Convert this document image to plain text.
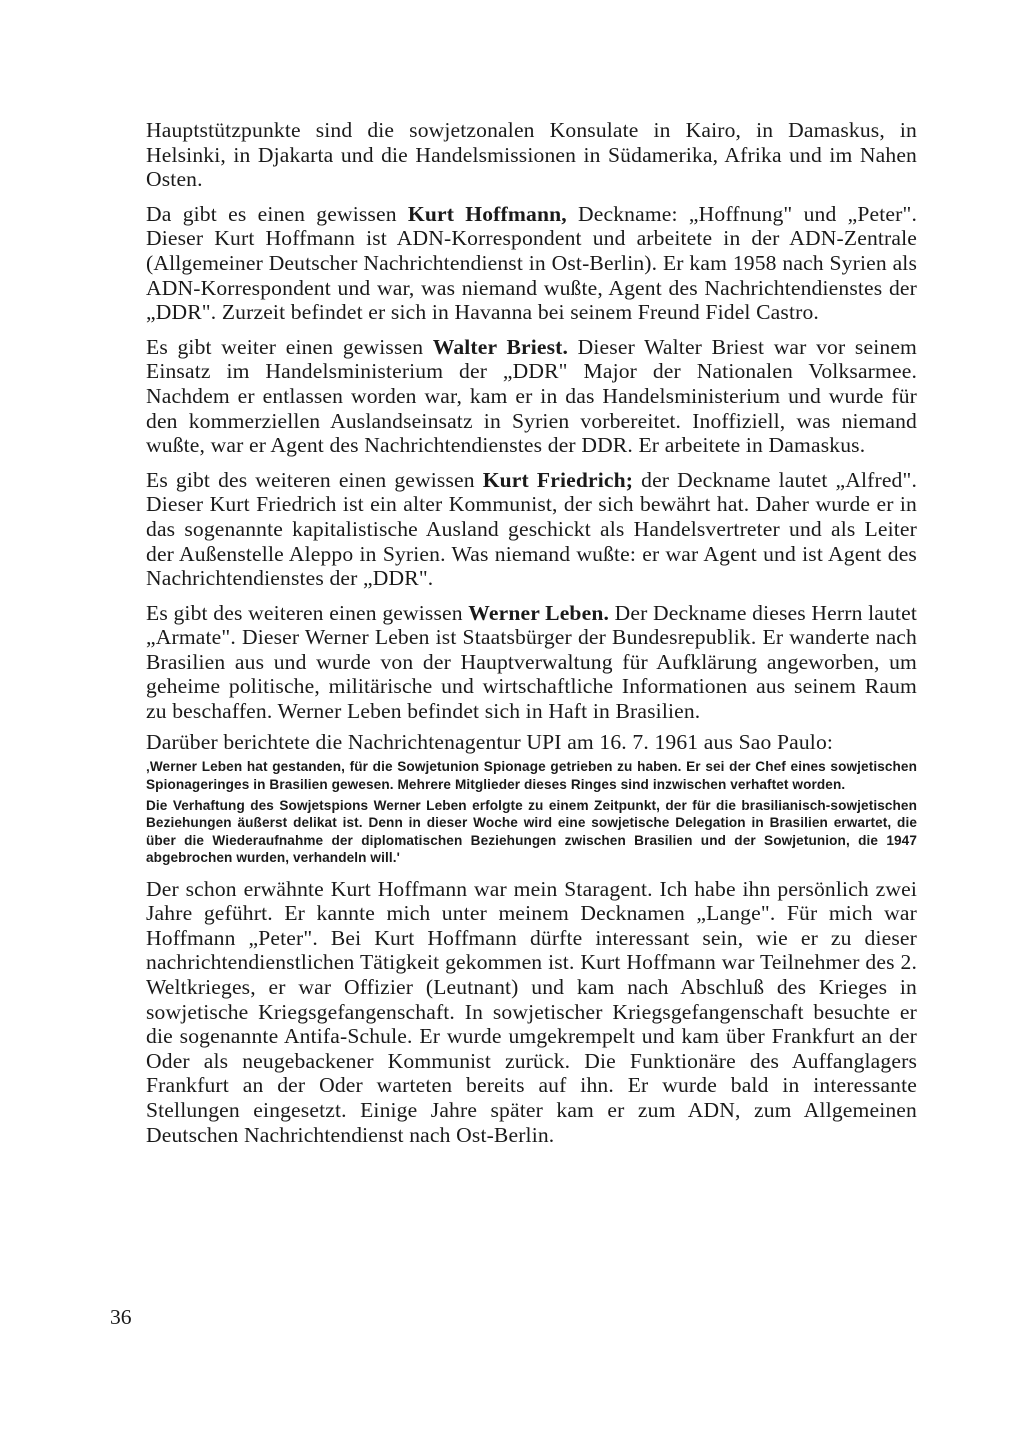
Hauptstützpunkte sind die sowjetzonalen Konsulate in Kairo, in Damaskus, in Helsinki, in Djakarta und die Handelsmissionen in Südamerika, Afrika und im Nahen Osten.

Da gibt es einen gewissen Kurt Hoffmann, Deckname: „Hoffnung" und „Peter". Dieser Kurt Hoffmann ist ADN-Korrespondent und arbeitete in der ADN-Zentrale (Allgemeiner Deutscher Nachrichtendienst in Ost-Berlin). Er kam 1958 nach Syrien als ADN-Korrespondent und war, was niemand wußte, Agent des Nachrichtendienstes der „DDR". Zurzeit befindet er sich in Havanna bei seinem Freund Fidel Castro.

Es gibt weiter einen gewissen Walter Briest. Dieser Walter Briest war vor seinem Einsatz im Handelsministerium der „DDR" Major der Nationalen Volksarmee. Nachdem er entlassen worden war, kam er in das Handelsministerium und wurde für den kommerziellen Auslandseinsatz in Syrien vorbereitet. Inoffiziell, was niemand wußte, war er Agent des Nachrichtendienstes der DDR. Er arbeitete in Damaskus.

Es gibt des weiteren einen gewissen Kurt Friedrich; der Deckname lautet „Alfred". Dieser Kurt Friedrich ist ein alter Kommunist, der sich bewährt hat. Daher wurde er in das sogenannte kapitalistische Ausland geschickt als Handelsvertreter und als Leiter der Außenstelle Aleppo in Syrien. Was niemand wußte: er war Agent und ist Agent des Nachrichtendienstes der „DDR".

Es gibt des weiteren einen gewissen Werner Leben. Der Deckname dieses Herrn lautet „Armate". Dieser Werner Leben ist Staatsbürger der Bundesrepublik. Er wanderte nach Brasilien aus und wurde von der Hauptverwaltung für Aufklärung angeworben, um geheime politische, militärische und wirtschaftliche Informationen aus seinem Raum zu beschaffen. Werner Leben befindet sich in Haft in Brasilien.

Darüber berichtete die Nachrichtenagentur UPI am 16. 7. 1961 aus Sao Paulo:

‚Werner Leben hat gestanden, für die Sowjetunion Spionage getrieben zu haben. Er sei der Chef eines sowjetischen Spionageringes in Brasilien gewesen. Mehrere Mitglieder dieses Ringes sind inzwischen verhaftet worden.

Die Verhaftung des Sowjetspions Werner Leben erfolgte zu einem Zeitpunkt, der für die brasilianisch-sowjetischen Beziehungen äußerst delikat ist. Denn in dieser Woche wird eine sowjetische Delegation in Brasilien erwartet, die über die Wiederaufnahme der diplomatischen Beziehungen zwischen Brasilien und der Sowjetunion, die 1947 abgebrochen wurden, verhandeln will.'

Der schon erwähnte Kurt Hoffmann war mein Staragent. Ich habe ihn persönlich zwei Jahre geführt. Er kannte mich unter meinem Decknamen „Lange". Für mich war Hoffmann „Peter". Bei Kurt Hoffmann dürfte interessant sein, wie er zu dieser nachrichtendienstlichen Tätigkeit gekommen ist. Kurt Hoffmann war Teilnehmer des 2. Weltkrieges, er war Offizier (Leutnant) und kam nach Abschluß des Krieges in sowjetische Kriegsgefangenschaft. In sowjetischer Kriegsgefangenschaft besuchte er die sogenannte Antifa-Schule. Er wurde umgekrempelt und kam über Frankfurt an der Oder als neugebackener Kommunist zurück. Die Funktionäre des Auffanglagers Frankfurt an der Oder warteten bereits auf ihn. Er wurde bald in interessante Stellungen eingesetzt. Einige Jahre später kam er zum ADN, zum Allgemeinen Deutschen Nachrichtendienst nach Ost-Berlin.

36
